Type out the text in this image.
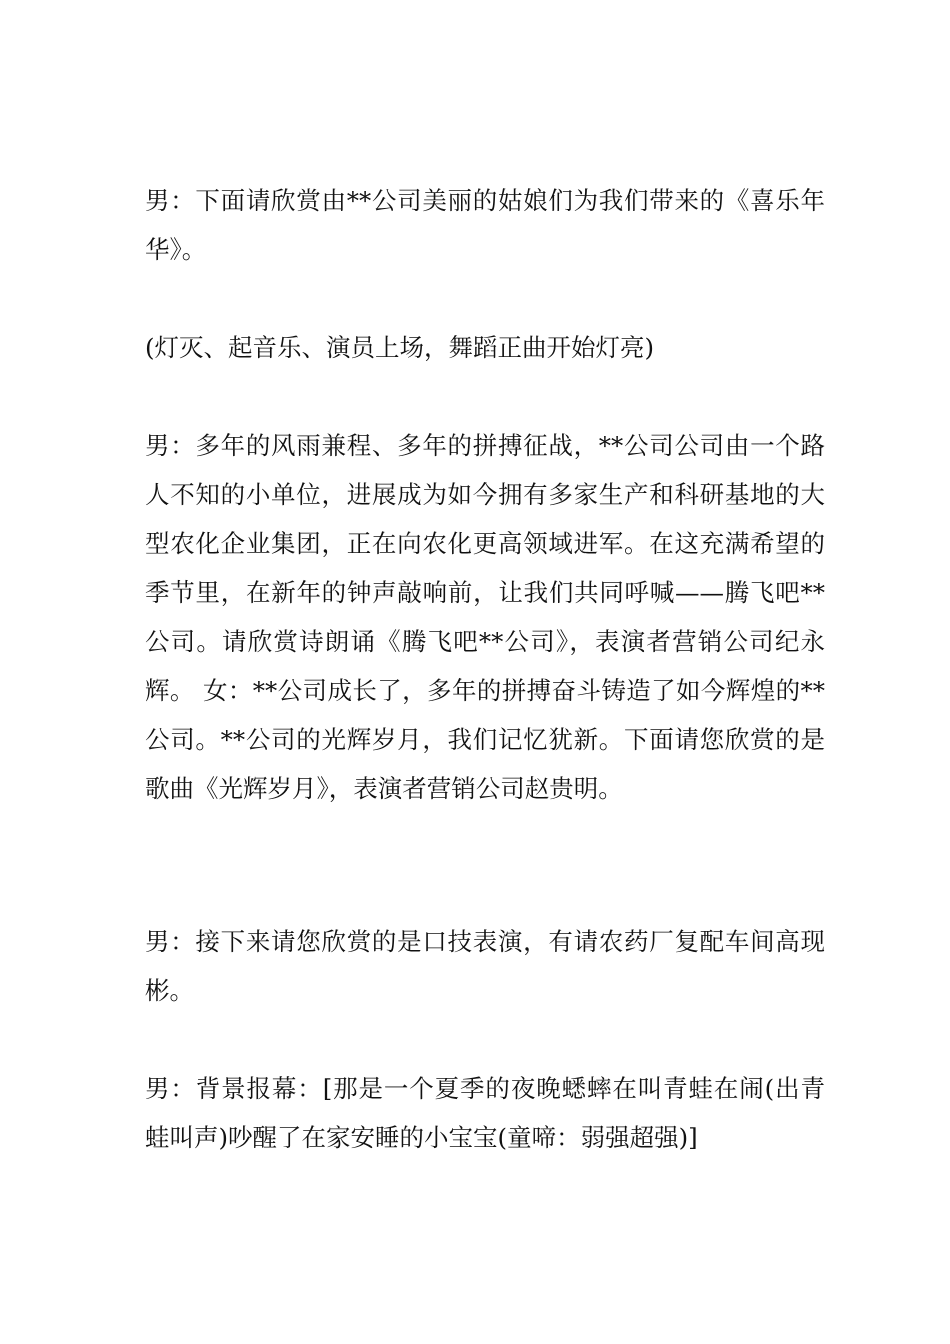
男：下面请欣赏由**公司美丽的姑娘们为我们带来的《喜乐年华》。

(灯灭、起音乐、演员上场，舞蹈正曲开始灯亮)

男：多年的风雨兼程、多年的拼搏征战，**公司公司由一个路人不知的小单位，进展成为如今拥有多家生产和科研基地的大型农化企业集团，正在向农化更高领域进军。在这充满希望的季节里，在新年的钟声敲响前，让我们共同呼喊——腾飞吧**公司。请欣赏诗朗诵《腾飞吧**公司》，表演者营销公司纪永辉。 女：**公司成长了，多年的拼搏奋斗铸造了如今辉煌的**公司。**公司的光辉岁月，我们记忆犹新。下面请您欣赏的是歌曲《光辉岁月》，表演者营销公司赵贵明。

男：接下来请您欣赏的是口技表演，有请农药厂复配车间高现彬。

男：背景报幕：[那是一个夏季的夜晚蟋蟀在叫青蛙在闹(出青蛙叫声)吵醒了在家安睡的小宝宝(童啼：弱强超强)]
